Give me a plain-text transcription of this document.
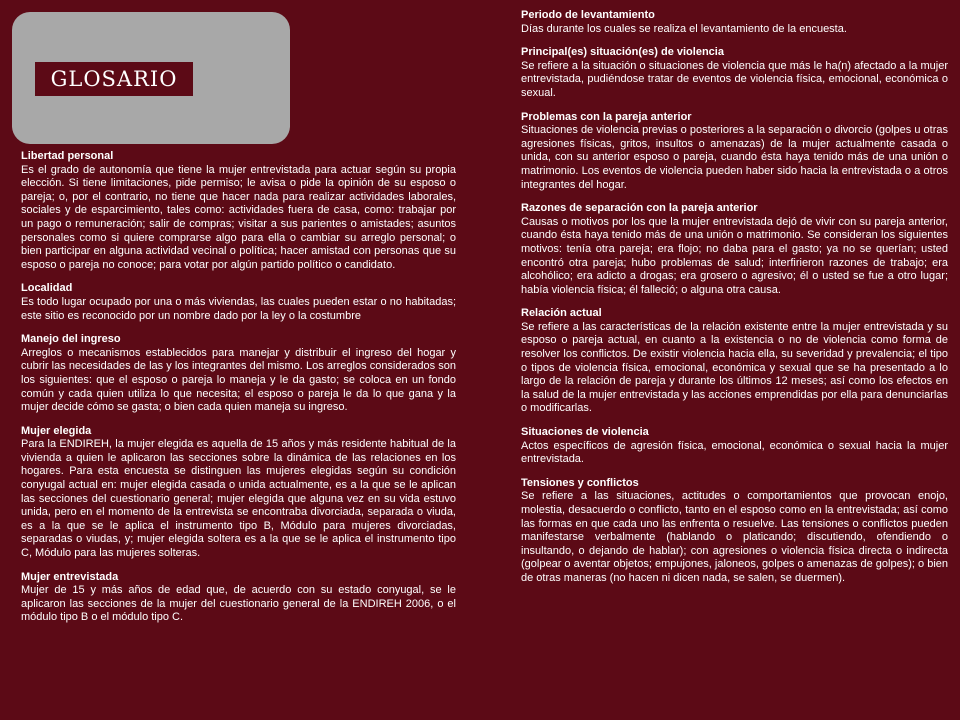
GLOSARIO
Libertad personal
Es el grado de autonomía que tiene la mujer entrevistada para actuar según su propia elección. Si tiene limitaciones, pide permiso; le avisa o pide la opinión de su esposo o pareja; o, por el contrario, no tiene que hacer nada para realizar actividades laborales, sociales y de esparcimiento, tales como: actividades fuera de casa, como: trabajar por un pago o remuneración; salir de compras; visitar a sus parientes o amistades; asuntos personales como si quiere comprarse algo para ella o cambiar su arreglo personal; o bien participar en alguna actividad vecinal o política; hacer amistad con personas que su esposo o pareja no conoce; para votar por algún partido político o candidato.
Localidad
Es todo lugar ocupado por una o más viviendas, las cuales pueden estar o no habitadas; este sitio es reconocido por un nombre dado por la ley o la costumbre
Manejo del ingreso
Arreglos o mecanismos establecidos para manejar y distribuir el ingreso del hogar y cubrir las necesidades de las y los integrantes del mismo. Los arreglos considerados son los siguientes: que el esposo o pareja lo maneja y le da gasto; se coloca en un fondo común y cada quien utiliza lo que necesita; el esposo o pareja le da lo que gana y la mujer decide cómo se gasta; o bien cada quien maneja su ingreso.
Mujer elegida
Para la ENDIREH, la mujer elegida es aquella de 15 años y más residente habitual de la vivienda a quien le aplicaron las secciones sobre la dinámica de las relaciones en los hogares. Para esta encuesta se distinguen las mujeres elegidas según su condición conyugal actual en: mujer elegida casada o unida actualmente, es a la que se le aplican las secciones del cuestionario general; mujer elegida que alguna vez en su vida estuvo unida, pero en el momento de la entrevista se encontraba divorciada, separada o viuda, es a la que se le aplica el instrumento tipo B, Módulo para mujeres divorciadas, separadas o viudas, y; mujer elegida soltera es a la que se le aplica el instrumento tipo C, Módulo para las mujeres solteras.
Mujer entrevistada
Mujer de 15 y más años de edad que, de acuerdo con su estado conyugal, se le aplicaron las secciones de la mujer del cuestionario general de la ENDIREH 2006, o el módulo tipo B o el módulo tipo C.
Periodo de levantamiento
Días durante los cuales se realiza el levantamiento de la encuesta.
Principal(es) situación(es) de violencia
Se refiere a la situación o situaciones de violencia que más le ha(n) afectado a la mujer entrevistada, pudiéndose tratar de eventos de violencia física, emocional, económica o sexual.
Problemas con la pareja anterior
Situaciones de violencia previas o posteriores a la separación o divorcio (golpes u otras agresiones físicas, gritos, insultos o amenazas) de la mujer actualmente casada o unida, con su anterior esposo o pareja, cuando ésta haya tenido más de una unión o matrimonio. Los eventos de violencia pueden haber sido hacia la entrevistada o a otros integrantes del hogar.
Razones de separación con la pareja anterior
Causas o motivos por los que la mujer entrevistada dejó de vivir con su pareja anterior, cuando ésta haya tenido más de una unión o matrimonio. Se consideran los siguientes motivos: tenía otra pareja; era flojo; no daba para el gasto; ya no se querían; usted encontró otra pareja; hubo problemas de salud; interfirieron razones de trabajo; era alcohólico; era adicto a drogas; era grosero o agresivo; él o usted se fue a otro lugar; había violencia física; él falleció; o alguna otra causa.
Relación actual
Se refiere a las características de la relación existente entre la mujer entrevistada y su esposo o pareja actual, en cuanto a la existencia o no de violencia como forma de resolver los conflictos. De existir violencia hacia ella, su severidad y prevalencia; el tipo o tipos de violencia física, emocional, económica y sexual que se ha presentado a lo largo de la relación de pareja y durante los últimos 12 meses; así como los efectos en la salud de la mujer entrevistada y las acciones emprendidas por ella para denunciarlas o modificarlas.
Situaciones de violencia
Actos específicos de agresión física, emocional, económica o sexual hacia la mujer entrevistada.
Tensiones y conflictos
Se refiere a las situaciones, actitudes o comportamientos que provocan enojo, molestia, desacuerdo o conflicto, tanto en el esposo como en la entrevistada; así como las formas en que cada uno las enfrenta o resuelve. Las tensiones o conflictos pueden manifestarse verbalmente (hablando o platicando; discutiendo, ofendiendo o insultando, o dejando de hablar); con agresiones o violencia física directa o indirecta (golpear o aventar objetos; empujones, jaloneos, golpes o amenazas de golpes); o bien de otras maneras (no hacen ni dicen nada, se salen, se duermen).
